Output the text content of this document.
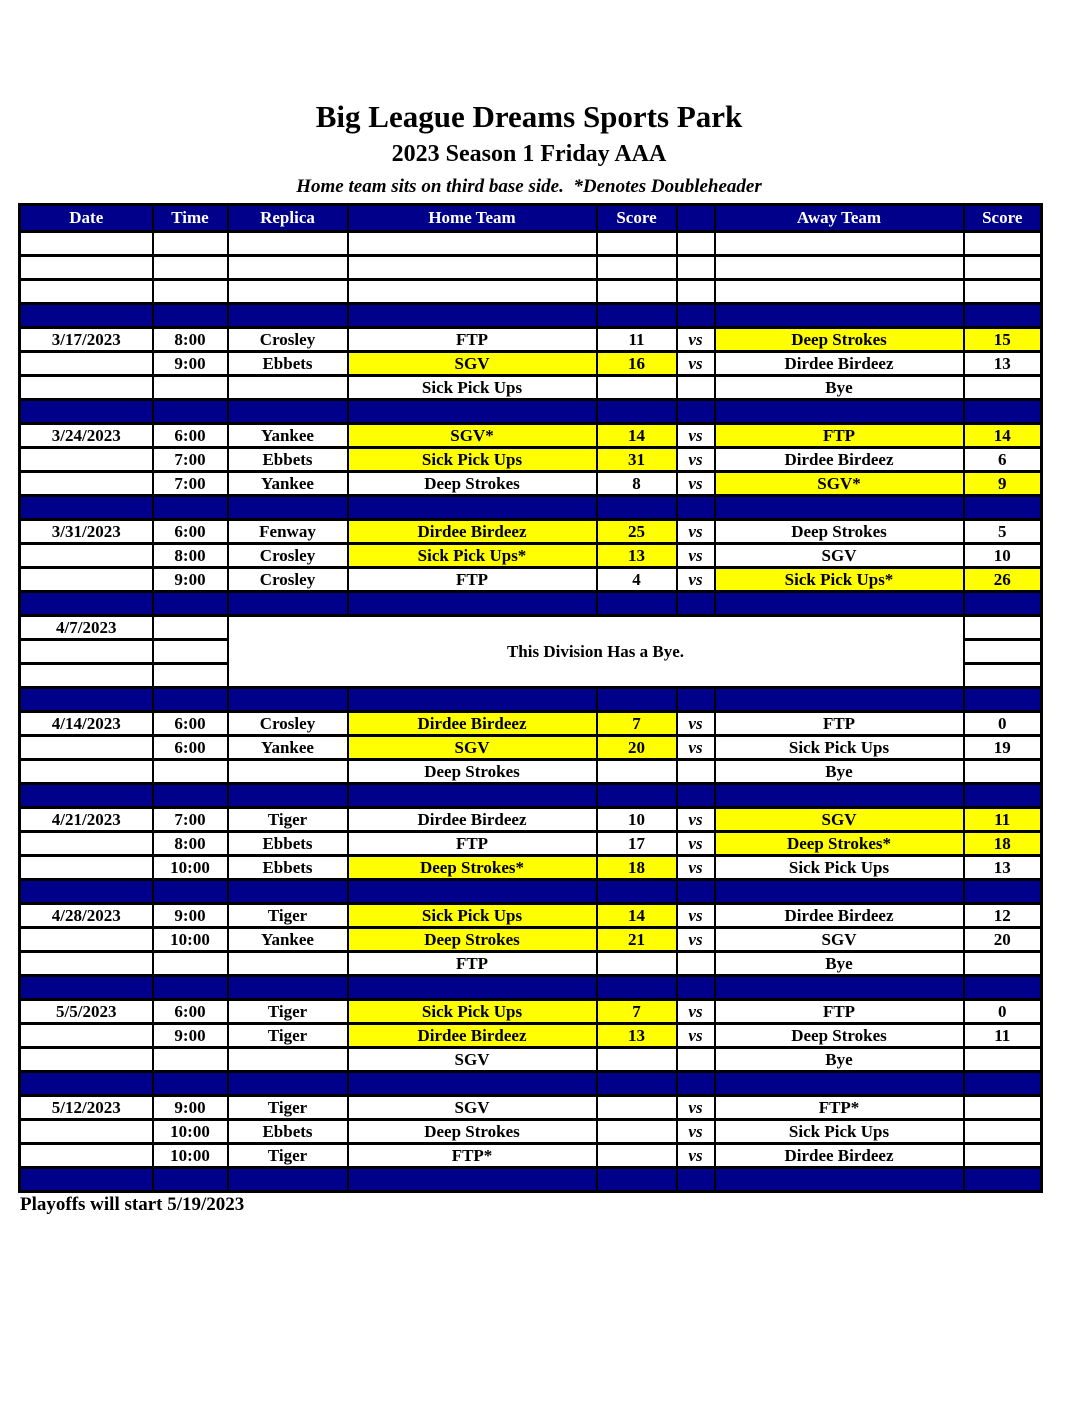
Big League Dreams Sports Park
2023 Season 1 Friday AAA
Home team sits on third base side.  *Denotes Doubleheader
Date	Time	Replica	Home Team	Score		Away Team	Score

3/17/2023	8:00	Crosley	FTP	11	vs	Deep Strokes	15
	9:00	Ebbets	SGV	16	vs	Dirdee Birdeez	13
			Sick Pick Ups			Bye	

3/24/2023	6:00	Yankee	SGV*	14	vs	FTP	14
	7:00	Ebbets	Sick Pick Ups	31	vs	Dirdee Birdeez	6
	7:00	Yankee	Deep Strokes	8	vs	SGV*	9

3/31/2023	6:00	Fenway	Dirdee Birdeez	25	vs	Deep Strokes	5
	8:00	Crosley	Sick Pick Ups*	13	vs	SGV	10
	9:00	Crosley	FTP	4	vs	Sick Pick Ups*	26

4/7/2023		This Division Has a Bye.					

4/14/2023	6:00	Crosley	Dirdee Birdeez	7	vs	FTP	0
	6:00	Yankee	SGV	20	vs	Sick Pick Ups	19
			Deep Strokes			Bye	

4/21/2023	7:00	Tiger	Dirdee Birdeez	10	vs	SGV	11
	8:00	Ebbets	FTP	17	vs	Deep Strokes*	18
	10:00	Ebbets	Deep Strokes*	18	vs	Sick Pick Ups	13

4/28/2023	9:00	Tiger	Sick Pick Ups	14	vs	Dirdee Birdeez	12
	10:00	Yankee	Deep Strokes	21	vs	SGV	20
			FTP			Bye	

5/5/2023	6:00	Tiger	Sick Pick Ups	7	vs	FTP	0
	9:00	Tiger	Dirdee Birdeez	13	vs	Deep Strokes	11
			SGV			Bye	

5/12/2023	9:00	Tiger	SGV		vs	FTP*	
	10:00	Ebbets	Deep Strokes		vs	Sick Pick Ups	
	10:00	Tiger	FTP*		vs	Dirdee Birdeez	

Playoffs will start 5/19/2023
